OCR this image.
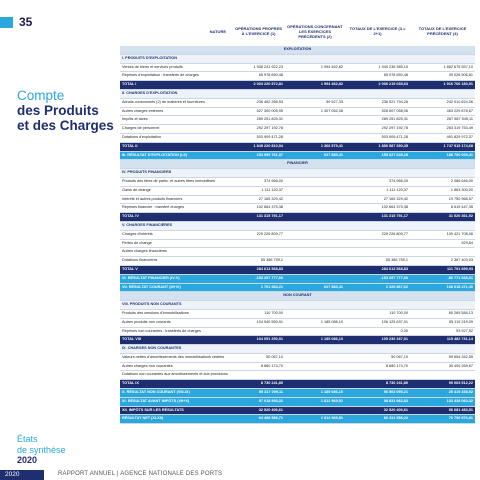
35
Compte
des Produits
et des Charges
NATURE	OPÉRATIONS PROPRES À L'EXERCICE (1)	OPÉRATIONS CONCERNANT LES EXERCICES PRÉCÉDENTS (2)	TOTAUX DE L'EXERCICE (3 = 2+1)	TOTAUX DE L'EXERCICE PRÉCÉDENT (4)
EXPLOITATION				
I. PRODUITS D'EXPLOITATION				
Ventes de biens et services produits	1 938 241 922,23	1 994 462,82	1 940 236 385,15	1 852 675 557,10
Reprises d'exploitation : transferts de charges	65 978 650,48		65 978 650,48	39 026 506,81
TOTAL I	2 004 220 572,81	1 994 462,82	2 006 215 035,63	1 916 706 183,91
II. CHARGES D'EXPLOITATION				
Achats consommés (2) de matières et fournitures	236 462 266,93	59 527,33	236 521 794,26	242 010 624,06
Autres charges externes	527 300 005,95	1 307 052,08	528 607 058,06	463 229 878,67
Impôts et taxes	289 251 825,31		289 251 825,31	267 567 545,11
Charges de personnel	292 297 192,78		292 297 192,78	283 319 753,49
Dotations d'exploitation	503 909 471,28		503 909 471,28	491 829 972,37
TOTAL II	1 849 220 810,94	1 366 579,41	1 850 587 390,35	1 747 915 174,68
III. RÉSULTAT D'EXPLOITATION (I-II)	154 999 761,87	627 883,41	155 627 645,28	188 790 009,41
FINANCIER				
IV. PRODUITS FINANCIERS				
Produits des titres de partic. et autres titres immobilisés	374 966,00		374 966,00	2 086 646,00
Gains de change	1 111 120,37		1 111 120,37	1 863 300,00
Intérêts et autres produits financiers	27 165 329,42		27 165 329,42	19 750 968,57
Reprises financier : transfert charges	102 664 375,38		102 664 375,38	8 619 447,35
TOTAL IV	131 315 791,17		131 315 791,17	31 020 361,92
V. CHARGES FINANCIÈRES				
Charges d'intérêts	229 226 809,77		229 226 809,77	109 421 708,06
Pertes de change				929,84
Autres charges financières				
Dotations financières	55 386 759,1		55 386 759,1	2 367 403,03
TOTAL V	284 613 568,83		284 613 568,83	111 791 899,93
VI. RÉSULTAT FINANCIER (IV-V)	-153 297 777,66		-153 297 777,66	-80 771 538,01
VII. RÉSULTAT COURANT (III+VI)	1 701 984,21	627 883,41	2 329 867,62	108 018 471,40
NON COURANT				
VIII. PRODUITS NON COURANTS				
Produits des cessions d'immobilisations	110 700,00		110 700,00	60 269 584,13
Autres produits non courants	104 940 550,91	1 185 086,10	106 125 637,01	55 119 219,09
Reprises non courantes : transferts de charges			0,00	93 927,52
TOTAL VIII	104 051 250,91	1 185 086,10	105 236 337,01	115 482 731,14
IX. CHARGES NON COURANTES				
Valeurs nettes d'amortissements des immobilisations cédées	50 067,10		50 067,10	59 654 342,55
Autres charges non courantes	8 680 174,70		8 680 174,70	30 409 269,67
Dotations non courantes aux amortissements et aux provisions				
TOTAL IX	8 730 241,80		8 730 241,80	90 063 512,22
X. RÉSULTAT NON COURANT (VIII-IX)	95 317 009,11	1 185 086,10	96 502 095,21	25 419 338,92
XI. RÉSULTAT AVANT IMPÔTS (VII+X)	97 018 993,32	1 812 969,51	98 831 962,83	133 438 060,32
XII. IMPÔTS SUR LES RÉSULTATS	32 520 406,61		32 520 406,61	56 681 483,51
RÉSULTAT NET (XI-XII)	64 498 586,71	1 812 969,51	66 311 556,22	76 756 576,81
États
de synthèse
2020
2020	RAPPORT ANNUEL | AGENCE NATIONALE DES PORTS
